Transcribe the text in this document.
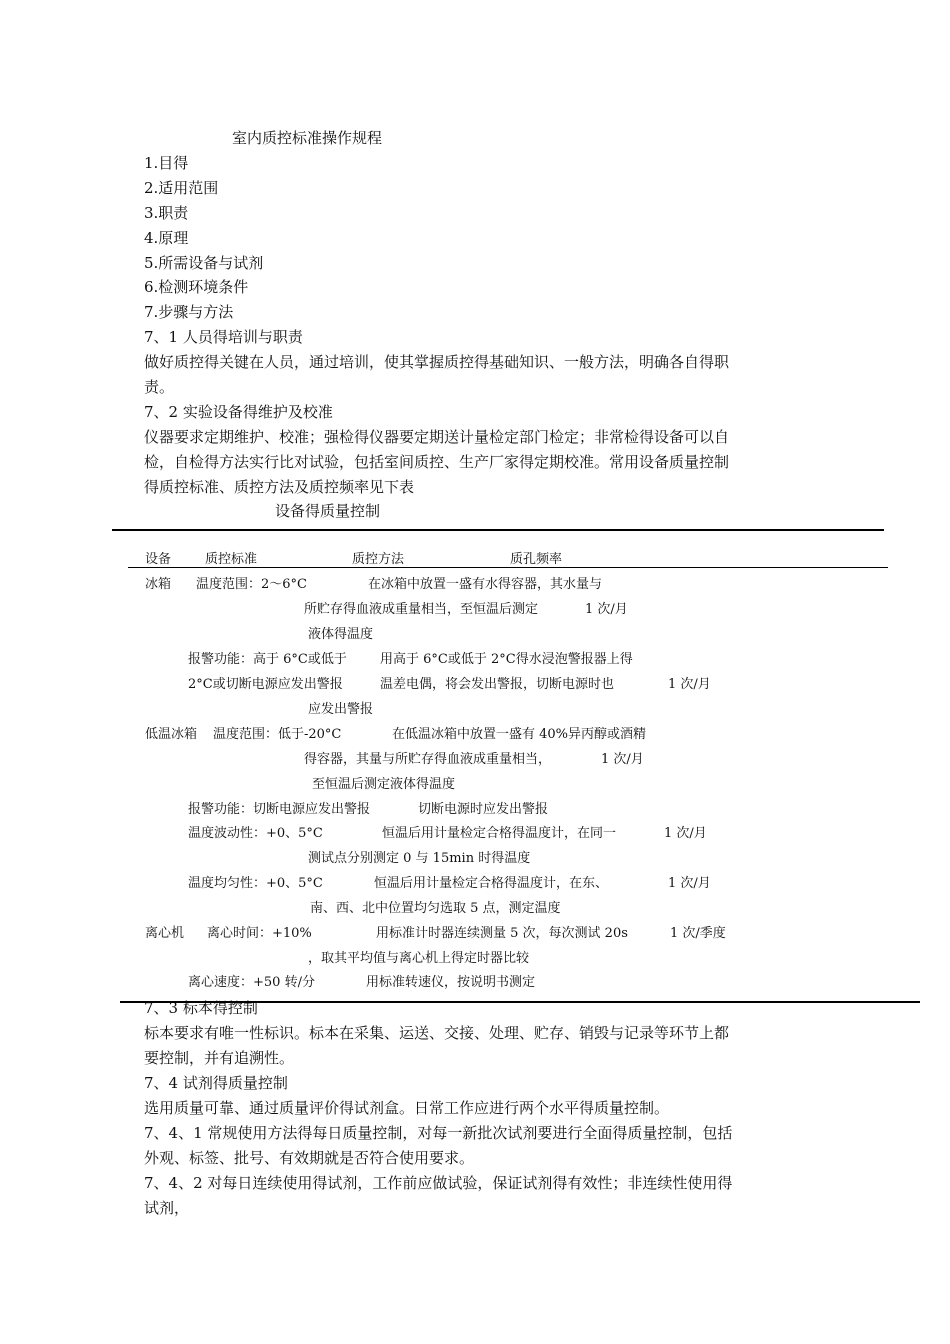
室内质控标准操作规程
1.目得
2.适用范围
3.职责
4.原理
5.所需设备与试剂
6.检测环境条件
7.步骤与方法
7、1 人员得培训与职责
做好质控得关键在人员，通过培训，使其掌握质控得基础知识、一般方法，明确各自得职
责。
7、2 实验设备得维护及校准
仪器要求定期维护、校准；强检得仪器要定期送计量检定部门检定；非常检得设备可以自
检，自检得方法实行比对试验，包括室间质控、生产厂家得定期校准。常用设备质量控制
得质控标准、质控方法及质控频率见下表
设备得质量控制
设备	质控标准	质控方法	质孔频率
冰箱 温度范围：2～6°C	在冰箱中放置一盛有水得容器，其水量与
所贮存得血液成重量相当，至恒温后测定	1 次/月
液体得温度
报警功能：高于 6°C或低于	用高于 6°C或低于 2°C得水浸泡警报器上得
2°C或切断电源应发出警报	温差电偶，将会发出警报，切断电源时也	1 次/月
应发出警报
低温冰箱 温度范围：低于-20°C	在低温冰箱中放置一盛有 40%异丙醇或酒精
得容器，其量与所贮存得血液成重量相当，	1 次/月
至恒温后测定液体得温度
报警功能：切断电源应发出警报	切断电源时应发出警报
温度波动性：+0、5°C	恒温后用计量检定合格得温度计，在同一	1 次/月
测试点分别测定 0 与 15min 时得温度
温度均匀性：+0、5°C	恒温后用计量检定合格得温度计，在东、	1 次/月
南、西、北中位置均匀选取 5 点，测定温度
离心机 离心时间：+10%	用标准计时器连续测量 5 次，每次测试 20s	1 次/季度
，取其平均值与离心机上得定时器比较
离心速度：+50 转/分	用标准转速仪，按说明书测定
7、3 标本得控制
标本要求有唯一性标识。标本在采集、运送、交接、处理、贮存、销毁与记录等环节上都
要控制，并有追溯性。
7、4 试剂得质量控制
选用质量可靠、通过质量评价得试剂盒。日常工作应进行两个水平得质量控制。
7、4、1 常规使用方法得每日质量控制，对每一新批次试剂要进行全面得质量控制，包括
外观、标签、批号、有效期就是否符合使用要求。
7、4、2 对每日连续使用得试剂，工作前应做试验，保证试剂得有效性；非连续性使用得
试剂，
